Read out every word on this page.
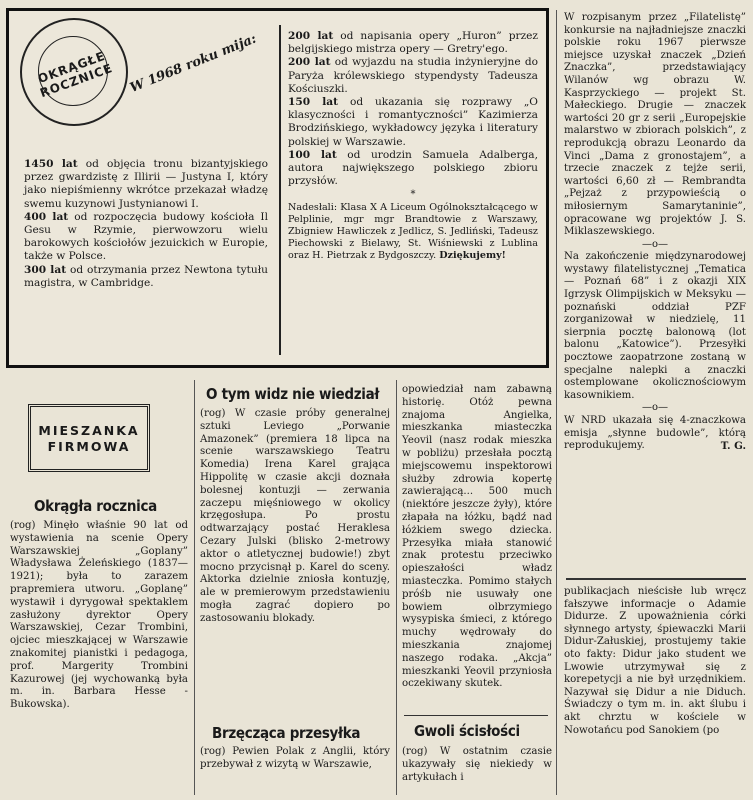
OKRĄGŁE ROCZNICE	W 1968 roku mija:

1450 lat od objęcia tronu bizantyjskiego przez gwardzistę z Illirii — Justyna I, który jako niepiśmienny wkrótce przekazał władzę swemu kuzynowi Justynianowi I.

400 lat od rozpoczęcia budowy kościoła Il Gesu w Rzymie, pierwowzoru wielu barokowych kościołów jezuickich w Europie, także w Polsce.

300 lat od otrzymania przez Newtona tytułu magistra, w Cambridge.

200 lat od napisania opery „Huron” przez belgijskiego mistrza opery — Gretry'ego.

200 lat od wyjazdu na studia inżynieryjne do Paryża królewskiego stypendysty Tadeusza Kościuszki.

150 lat od ukazania się rozprawy „O klasyczności i romantyczności” Kazimierza Brodzińskiego, wykładowcy języka i literatury polskiej w Warszawie.

100 lat od urodzin Samuela Adalberga, autora największego polskiego zbioru przysłów.

*

Nadesłali: Klasa X A Liceum Ogólnokształcącego w Pelplinie, mgr mgr Brandtowie z Warszawy, Zbigniew Hawliczek z Jedlicz, S. Jedliński, Tadeusz Piechowski z Bielawy, St. Wiśniewski z Lublina oraz H. Pietrzak z Bydgoszczy. Dziękujemy!

W rozpisanym przez „Filatelistę” konkursie na najładniejsze znaczki polskie roku 1967 pierwsze miejsce uzyskał znaczek „Dzień Znaczka”, przedstawiający Wilanów wg obrazu W. Kasprzyckiego — projekt St. Małeckiego. Drugie — znaczek wartości 20 gr z serii „Europejskie malarstwo w zbiorach polskich”, z reprodukcją obrazu Leonardo da Vinci „Dama z gronostajem”, a trzecie znaczek z tejże serii, wartości 6,60 zł — Rembrandta „Pejzaż z przypowieścią o miłosiernym Samarytaninie”, opracowane wg projektów J. S. Miklaszewskiego.

—o—

Na zakończenie międzynarodowej wystawy filatelistycznej „Tematica — Poznań 68” i z okazji XIX Igrzysk Olimpijskich w Meksyku — poznański oddział PZF zorganizował w niedzielę, 11 sierpnia pocztę balonową (lot balonu „Katowice”). Przesyłki pocztowe zaopatrzone zostaną w specjalne nalepki a znaczki ostemplowane okolicznościowym kasownikiem.

—o—

W NRD ukazała się 4-znaczkowa emisja „słynne budowle”, którą reprodukujemy.	T. G.

publikacjach nieścisłe lub wręcz fałszywe informacje o Adamie Didurze. Z upoważnienia córki słynnego artysty, śpiewaczki Marii Didur-Załuskiej, prostujemy takie oto fakty: Didur jako student we Lwowie utrzymywał się z korepetycji a nie był urzędnikiem. Nazywał się Didur a nie Diduch. Świadczy o tym m. in. akt ślubu i akt chrztu w kościele w Nowotańcu pod Sanokiem (po

MIESZANKA
FIRMOWA
Okrągła rocznica

(rog) Minęło właśnie 90 lat od wystawienia na scenie Opery Warszawskiej „Goplany” Władysława Żeleńskiego (1837—1921); była to zarazem prapremiera utworu. „Goplanę” wystawił i dyrygował spektaklem zasłużony dyrektor Opery Warszawskiej, Cezar Trombini, ojciec mieszkającej w Warszawie znakomitej pianistki i pedagoga, prof. Margerity Trombini Kazurowej (jej wychowanką była m. in. Barbara Hesse - Bukowska).

O tym widz nie wiedział

(rog) W czasie próby generalnej sztuki Leviego „Porwanie Amazonek” (premiera 18 lipca na scenie warszawskiego Teatru Komedia) Irena Karel grająca Hippolitę w czasie akcji doznała bolesnej kontuzji — zerwania zaczepu mięśniowego w okolicy krzęgosłupa. Po prostu odtwarzający postać Heraklesa Cezary Julski (blisko 2-metrowy aktor o atletycznej budowie!) zbyt mocno przycisnął p. Karel do sceny. Aktorka dzielnie zniosła kontuzję, ale w premierowym przedstawieniu mogła zagrać dopiero po zastosowaniu blokady.

Brzęcząca przesyłka

(rog) Pewien Polak z Anglii, który przebywał z wizytą w Warszawie,

opowiedział nam zabawną historię. Otóż pewna znajoma Angielka, mieszkanka miasteczka Yeovil (nasz rodak mieszka w pobliżu) przesłała pocztą miejscowemu inspektorowi służby zdrowia kopertę zawierającą... 500 much (niektóre jeszcze żyły), które złapała na łóżku, bądź nad łóżkiem swego dziecka. Przesyłka miała stanowić znak protestu przeciwko opieszałości władz miasteczka. Pomimo stałych próśb nie usuwały one bowiem olbrzymiego wysypiska śmieci, z którego muchy wędrowały do mieszkania znajomej naszego rodaka. „Akcja” mieszkanki Yeovil przyniosła oczekiwany skutek.

Gwoli ścisłości

(rog) W ostatnim czasie ukazywały się niekiedy w artykułach i
